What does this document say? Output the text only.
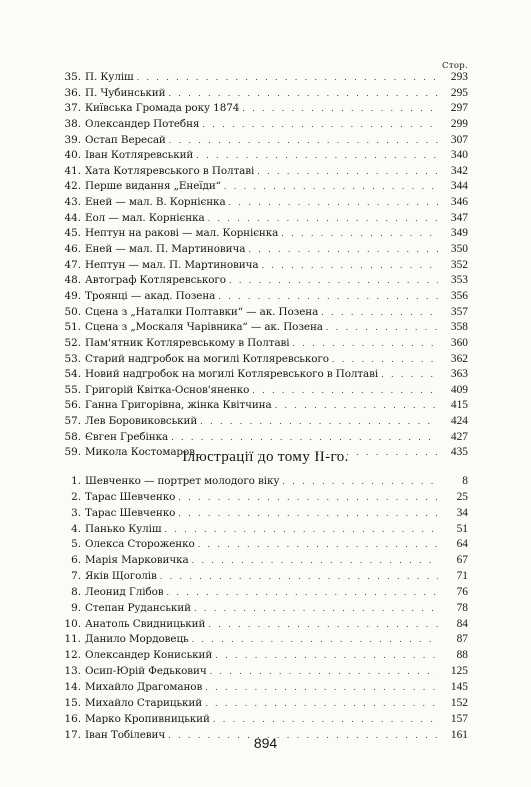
Стор.
35. П. Куліш . . .	293
36. П. Чубинський . . .	295
37. Київська Громада року 1874 . . .	297
38. Олександер Потебня . . .	299
39. Остап Вересай . . .	307
40. Іван Котляревський . . .	340
41. Хата Котляревського в Полтаві . . .	342
42. Перше видання „Енеїди“ . . .	344
43. Еней — мал. В. Корнієнка . . .	346
44. Еол — мал. Корнієнка . . .	347
45. Нептун на ракові — мал. Корнієнка . . .	349
46. Еней — мал. П. Мартиновича . . .	350
47. Нептун — мал. П. Мартиновича . . .	352
48. Автограф Котляревського . . .	353
49. Троянці — акад. Позена . . .	356
50. Сцена з „Наталки Полтавки“ — ак. Позена . . .	357
51. Сцена з „Москаля Чарівника“ — ак. Позена . . .	358
52. Пам'ятник Котляревському в Полтаві . . .	360
53. Старий надгробок на могилі Котляревського . . .	362
54. Новий надгробок на могилі Котляревського в Полтаві . . .	363
55. Григорій Квітка-Основ'яненко . . .	409
56. Ганна Григорівна, жінка Квітчина . . .	415
57. Лев Боровиковський . . .	424
58. Євген Гребінка . . .	427
59. Микола Костомаров . . .	435
Ілюстрації до тому II-го.
1. Шевченко — портрет молодого віку . . .	8
2. Тарас Шевченко . . .	25
3. Тарас Шевченко . . .	34
4. Панько Куліш . . .	51
5. Олекса Стороженко . . .	64
6. Марія Марковичка . . .	67
7. Яків Щоголів . . .	71
8. Леонид Глібов . . .	76
9. Степан Руданський . . .	78
10. Анатоль Свидницький . . .	84
11. Данило Мордовець . . .	87
12. Олександер Кониський . . .	88
13. Осип-Юрій Федькович . . .	125
14. Михайло Драгоманов . . .	145
15. Михайло Старицький . . .	152
16. Марко Кропивницький . . .	157
17. Іван Тобілевич . . .	161
894
